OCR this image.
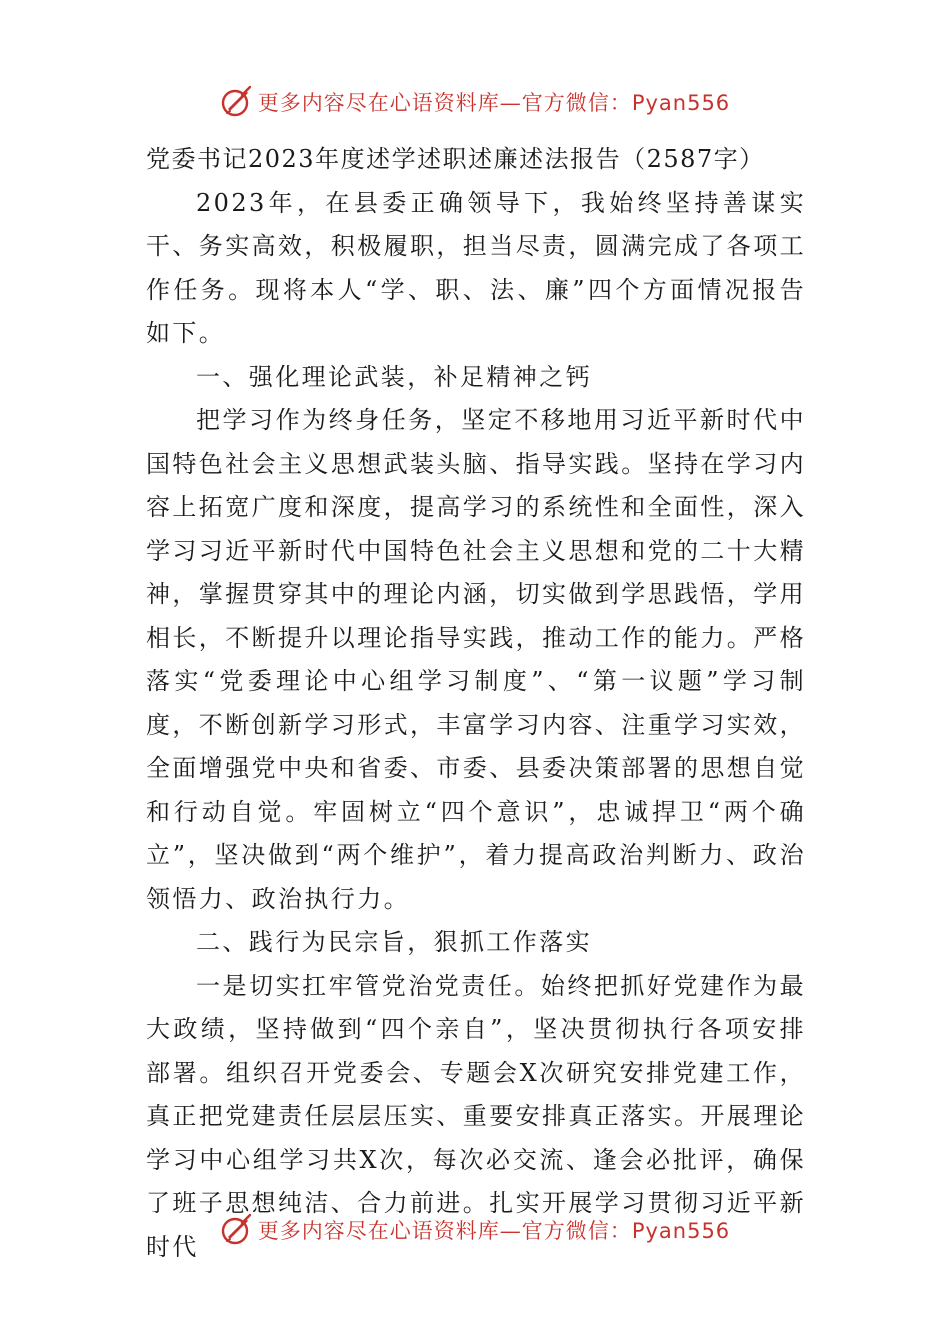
更多内容尽在心语资料库—官方微信：Pyan556

党委书记2023年度述学述职述廉述法报告（2587字）

2023年，在县委正确领导下，我始终坚持善谋实干、务实高效，积极履职，担当尽责，圆满完成了各项工作任务。现将本人“学、职、法、廉”四个方面情况报告如下。

一、强化理论武装，补足精神之钙

把学习作为终身任务，坚定不移地用习近平新时代中国特色社会主义思想武装头脑、指导实践。坚持在学习内容上拓宽广度和深度，提高学习的系统性和全面性，深入学习习近平新时代中国特色社会主义思想和党的二十大精神，掌握贯穿其中的理论内涵，切实做到学思践悟，学用相长，不断提升以理论指导实践，推动工作的能力。严格落实“党委理论中心组学习制度”、“第一议题”学习制度，不断创新学习形式，丰富学习内容、注重学习实效，全面增强党中央和省委、市委、县委决策部署的思想自觉和行动自觉。牢固树立“四个意识”，忠诚捍卫“两个确立”，坚决做到“两个维护”，着力提高政治判断力、政治领悟力、政治执行力。

二、践行为民宗旨，狠抓工作落实

一是切实扛牢管党治党责任。始终把抓好党建作为最大政绩，坚持做到“四个亲自”，坚决贯彻执行各项安排部署。组织召开党委会、专题会X次研究安排党建工作，真正把党建责任层层压实、重要安排真正落实。开展理论学习中心组学习共X次，每次必交流、逢会必批评，确保了班子思想纯洁、合力前进。扎实开展学习贯彻习近平新时代

更多内容尽在心语资料库—官方微信：Pyan556
